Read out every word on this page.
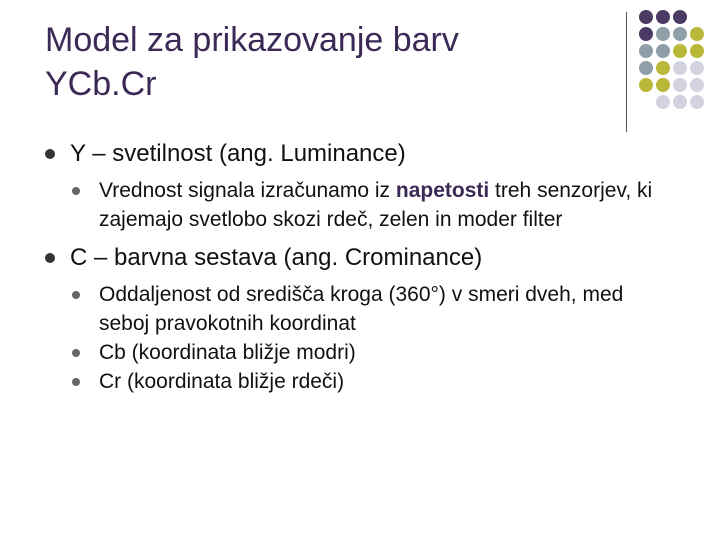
Model za prikazovanje barv
YCb.Cr
Y – svetilnost (ang. Luminance)
Vrednost signala izračunamo iz napetosti treh senzorjev, ki zajemajo svetlobo skozi rdeč, zelen in moder filter
C – barvna sestava (ang. Crominance)
Oddaljenost od središča kroga (360°) v smeri dveh, med seboj pravokotnih koordinat
Cb (koordinata bližje modri)
Cr (koordinata bližje rdeči)
